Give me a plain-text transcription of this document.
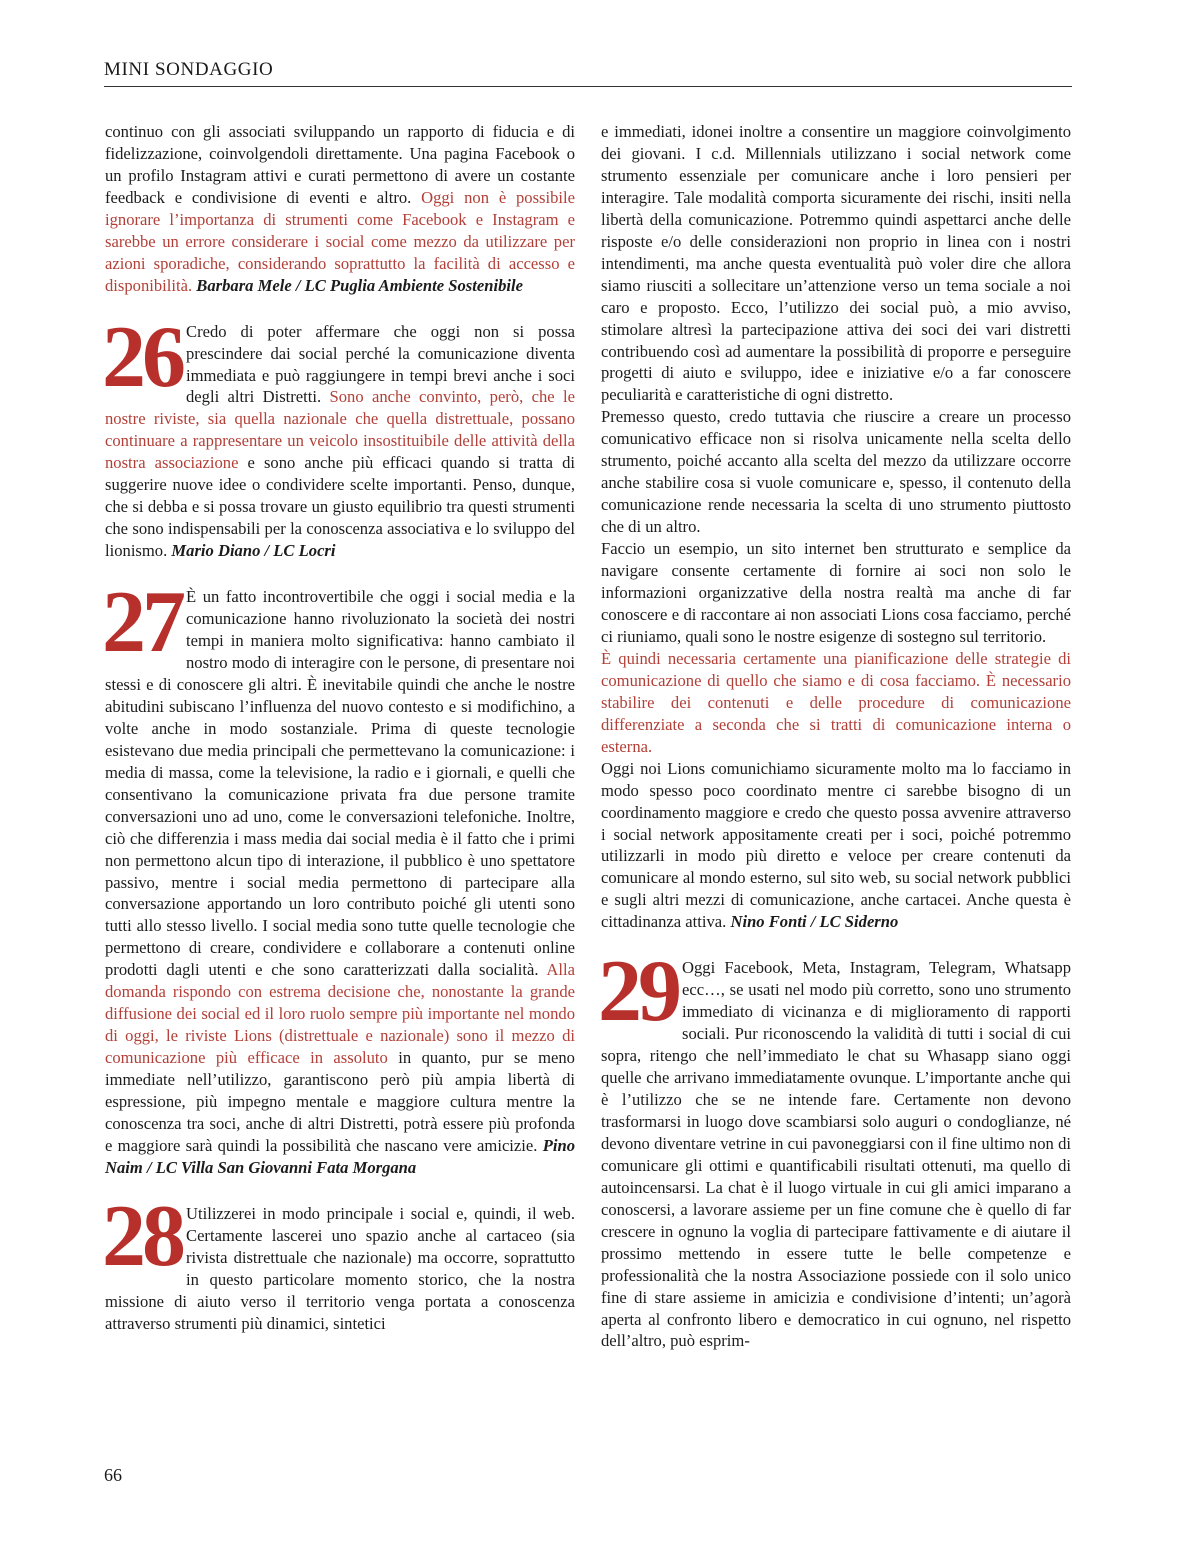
MINI SONDAGGIO

continuo con gli associati sviluppando un rapporto di fiducia e di fidelizzazione, coinvolgendoli direttamente. Una pagina Facebook o un profilo Instagram attivi e curati permettono di avere un costante feedback e condivisione di eventi e altro. Oggi non è possibile ignorare l’importanza di strumenti come Facebook e Instagram e sarebbe un errore considerare i social come mezzo da utilizzare per azioni sporadiche, considerando soprattutto la facilità di accesso e disponibilità. Barbara Mele / LC Puglia Ambiente Sostenibile

26 Credo di poter affermare che oggi non si possa prescindere dai social perché la comunicazione diventa immediata e può raggiungere in tempi brevi anche i soci degli altri Distretti. Sono anche convinto, però, che le nostre riviste, sia quella nazionale che quella distrettuale, possano continuare a rappresentare un veicolo insostituibile delle attività della nostra associazione e sono anche più efficaci quando si tratta di suggerire nuove idee o condividere scelte importanti. Penso, dunque, che si debba e si possa trovare un giusto equilibrio tra questi strumenti che sono indispensabili per la conoscenza associativa e lo sviluppo del lionismo. Mario Diano / LC Locri

27 È un fatto incontrovertibile che oggi i social media e la comunicazione hanno rivoluzionato la società dei nostri tempi in maniera molto significativa: hanno cambiato il nostro modo di interagire con le persone, di presentare noi stessi e di conoscere gli altri. È inevitabile quindi che anche le nostre abitudini subiscano l’influenza del nuovo contesto e si modifichino, a volte anche in modo sostanziale. Prima di queste tecnologie esistevano due media principali che permettevano la comunicazione: i media di massa, come la televisione, la radio e i giornali, e quelli che consentivano la comunicazione privata fra due persone tramite conversazioni uno ad uno, come le conversazioni telefoniche. Inoltre, ciò che differenzia i mass media dai social media è il fatto che i primi non permettono alcun tipo di interazione, il pubblico è uno spettatore passivo, mentre i social media permettono di partecipare alla conversazione apportando un loro contributo poiché gli utenti sono tutti allo stesso livello. I social media sono tutte quelle tecnologie che permettono di creare, condividere e collaborare a contenuti online prodotti dagli utenti e che sono caratterizzati dalla socialità. Alla domanda rispondo con estrema decisione che, nonostante la grande diffusione dei social ed il loro ruolo sempre più importante nel mondo di oggi, le riviste Lions (distrettuale e nazionale) sono il mezzo di comunicazione più efficace in assoluto in quanto, pur se meno immediate nell’utilizzo, garantiscono però più ampia libertà di espressione, più impegno mentale e maggiore cultura mentre la conoscenza tra soci, anche di altri Distretti, potrà essere più profonda e maggiore sarà quindi la possibilità che nascano vere amicizie. Pino Naim / LC Villa San Giovanni Fata Morgana

28 Utilizzerei in modo principale i social e, quindi, il web. Certamente lascerei uno spazio anche al cartaceo (sia rivista distrettuale che nazionale) ma occorre, soprattutto in questo particolare momento storico, che la nostra missione di aiuto verso il territorio venga portata a conoscenza attraverso strumenti più dinamici, sintetici

e immediati, idonei inoltre a consentire un maggiore coinvolgimento dei giovani. I c.d. Millennials utilizzano i social network come strumento essenziale per comunicare anche i loro pensieri per interagire. Tale modalità comporta sicuramente dei rischi, insiti nella libertà della comunicazione. Potremmo quindi aspettarci anche delle risposte e/o delle considerazioni non proprio in linea con i nostri intendimenti, ma anche questa eventualità può voler dire che allora siamo riusciti a sollecitare un’attenzione verso un tema sociale a noi caro e proposto. Ecco, l’utilizzo dei social può, a mio avviso, stimolare altresì la partecipazione attiva dei soci dei vari distretti contribuendo così ad aumentare la possibilità di proporre e perseguire progetti di aiuto e sviluppo, idee e iniziative e/o a far conoscere peculiarità e caratteristiche di ogni distretto.

Premesso questo, credo tuttavia che riuscire a creare un processo comunicativo efficace non si risolva unicamente nella scelta dello strumento, poiché accanto alla scelta del mezzo da utilizzare occorre anche stabilire cosa si vuole comunicare e, spesso, il contenuto della comunicazione rende necessaria la scelta di uno strumento piuttosto che di un altro.

Faccio un esempio, un sito internet ben strutturato e semplice da navigare consente certamente di fornire ai soci non solo le informazioni organizzative della nostra realtà ma anche di far conoscere e di raccontare ai non associati Lions cosa facciamo, perché ci riuniamo, quali sono le nostre esigenze di sostegno sul territorio.

È quindi necessaria certamente una pianificazione delle strategie di comunicazione di quello che siamo e di cosa facciamo. È necessario stabilire dei contenuti e delle procedure di comunicazione differenziate a seconda che si tratti di comunicazione interna o esterna.

Oggi noi Lions comunichiamo sicuramente molto ma lo facciamo in modo spesso poco coordinato mentre ci sarebbe bisogno di un coordinamento maggiore e credo che questo possa avvenire attraverso i social network appositamente creati per i soci, poiché potremmo utilizzarli in modo più diretto e veloce per creare contenuti da comunicare al mondo esterno, sul sito web, su social network pubblici e sugli altri mezzi di comunicazione, anche cartacei. Anche questa è cittadinanza attiva. Nino Fonti / LC Siderno

29 Oggi Facebook, Meta, Instagram, Telegram, Whatsapp ecc…, se usati nel modo più corretto, sono uno strumento immediato di vicinanza e di miglioramento di rapporti sociali. Pur riconoscendo la validità di tutti i social di cui sopra, ritengo che nell’immediato le chat su Whasapp siano oggi quelle che arrivano immediatamente ovunque. L’importante anche qui è l’utilizzo che se ne intende fare. Certamente non devono trasformarsi in luogo dove scambiarsi solo auguri o condoglianze, né devono diventare vetrine in cui pavoneggiarsi con il fine ultimo non di comunicare gli ottimi e quantificabili risultati ottenuti, ma quello di autoincensarsi. La chat è il luogo virtuale in cui gli amici imparano a conoscersi, a lavorare assieme per un fine comune che è quello di far crescere in ognuno la voglia di partecipare fattivamente e di aiutare il prossimo mettendo in essere tutte le belle competenze e professionalità che la nostra Associazione possiede con il solo unico fine di stare assieme in amicizia e condivisione d’intenti; un’agorà aperta al confronto libero e democratico in cui ognuno, nel rispetto dell’altro, può esprim-

66
